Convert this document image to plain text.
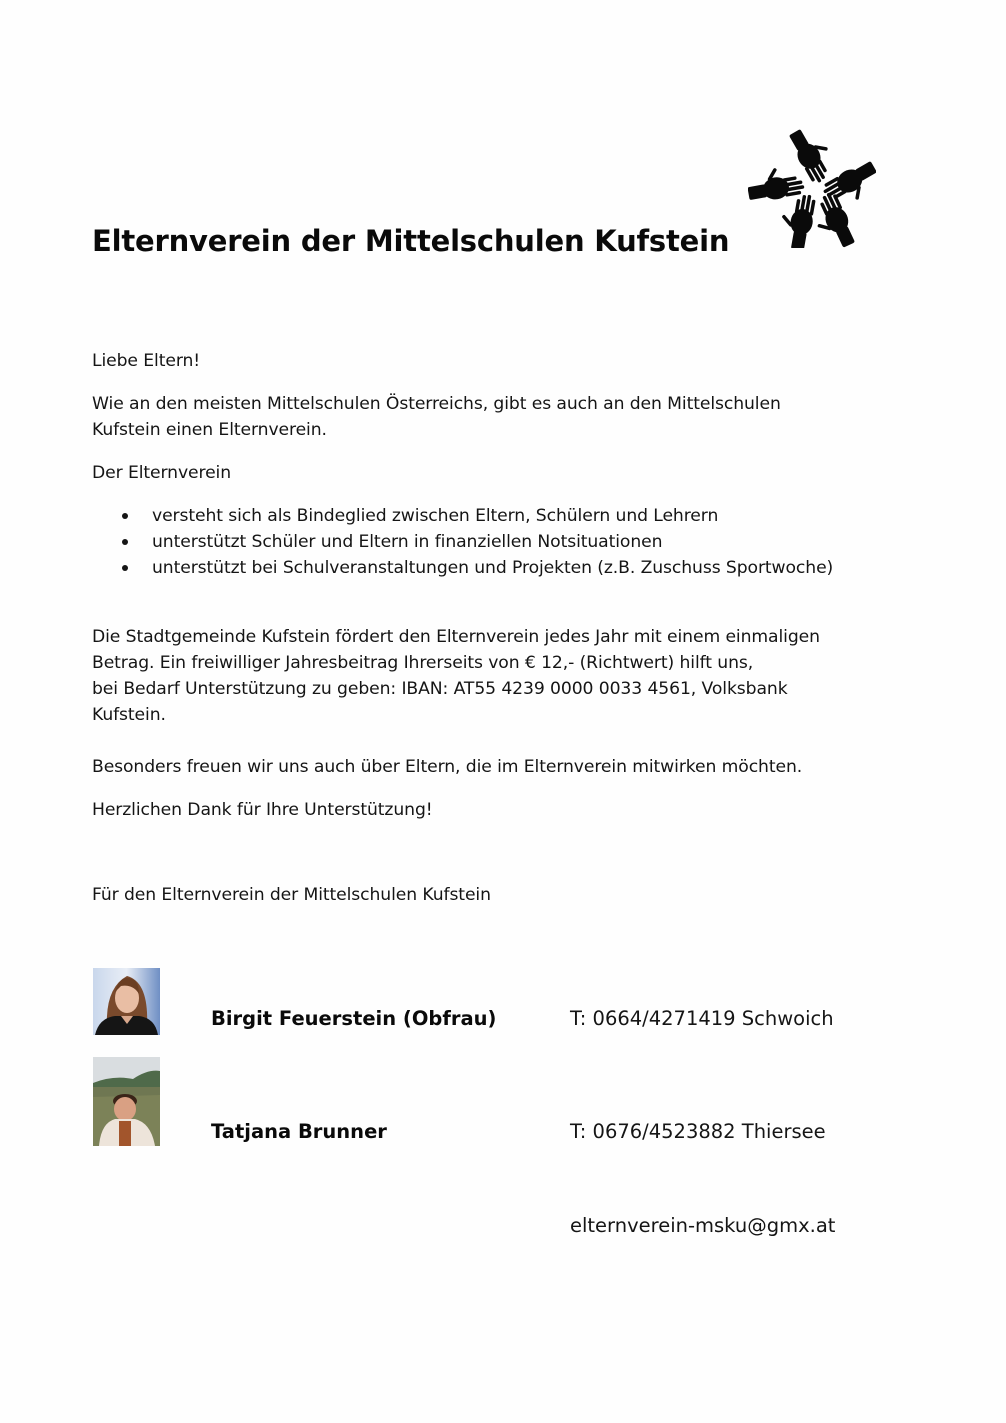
Elternverein der Mittelschulen Kufstein
Liebe Eltern!
Wie an den meisten Mittelschulen Österreichs, gibt es auch an den Mittelschulen
Kufstein einen Elternverein.
Der Elternverein
versteht sich als Bindeglied zwischen Eltern, Schülern und Lehrern
unterstützt Schüler und Eltern in finanziellen Notsituationen
unterstützt bei Schulveranstaltungen und Projekten (z.B. Zuschuss Sportwoche)
Die Stadtgemeinde Kufstein fördert den Elternverein jedes Jahr mit einem einmaligen
Betrag. Ein freiwilliger Jahresbeitrag Ihrerseits von € 12,- (Richtwert) hilft uns,
bei Bedarf Unterstützung zu geben: IBAN: AT55 4239 0000 0033 4561, Volksbank
Kufstein.
Besonders freuen wir uns auch über Eltern, die im Elternverein mitwirken möchten.
Herzlichen Dank für Ihre Unterstützung!
Für den Elternverein der Mittelschulen Kufstein
Birgit Feuerstein (Obfrau)	T: 0664/4271419 Schwoich
Tatjana Brunner	T: 0676/4523882 Thiersee
elternverein-msku@gmx.at
